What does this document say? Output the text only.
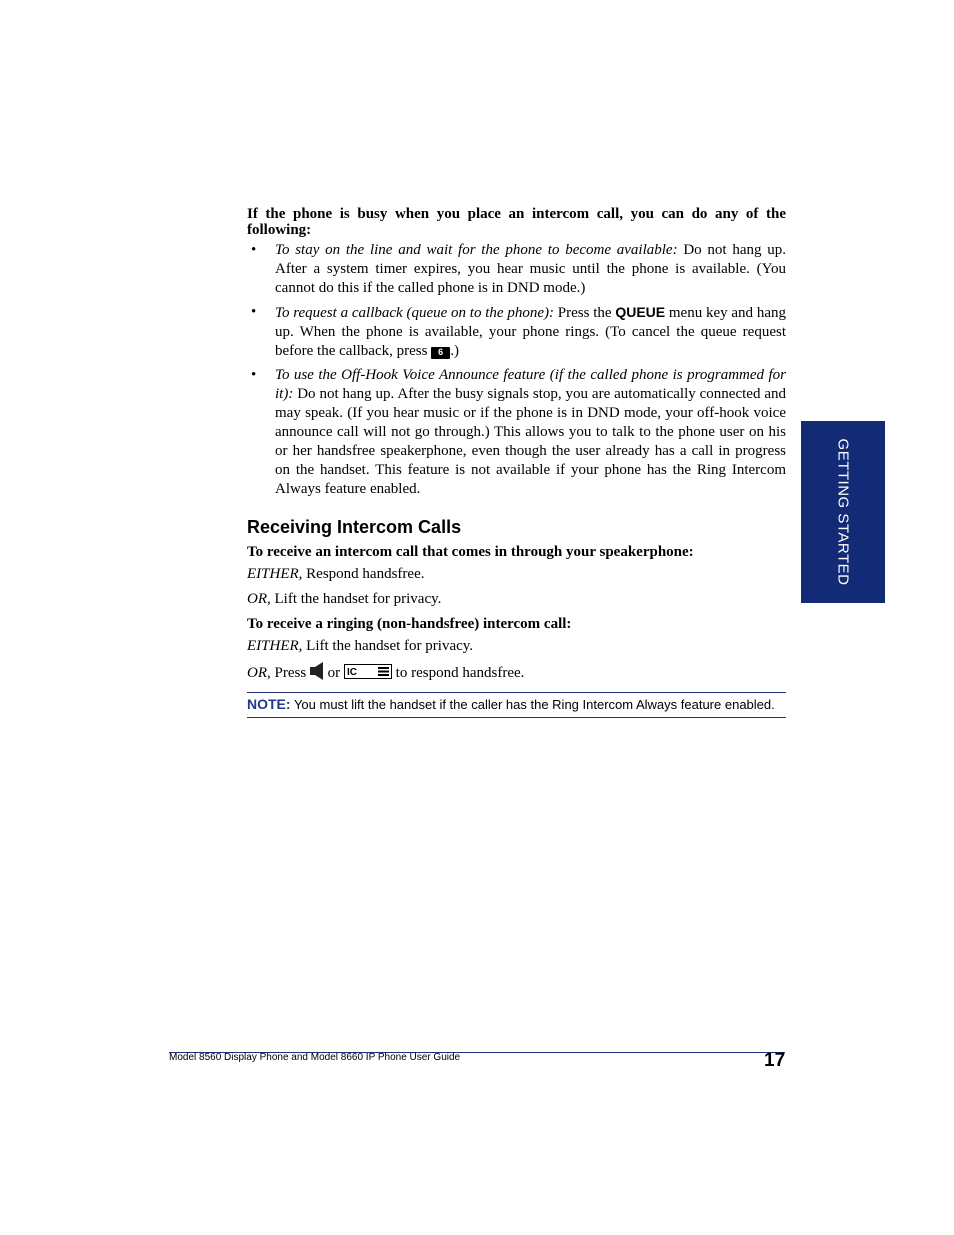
If the phone is busy when you place an intercom call, you can do any of the following:

• To stay on the line and wait for the phone to become available: Do not hang up. After a system timer expires, you hear music until the phone is available. (You cannot do this if the called phone is in DND mode.)
• To request a callback (queue on to the phone): Press the QUEUE menu key and hang up. When the phone is available, your phone rings. (To cancel the queue request before the callback, press 6 .)
• To use the Off-Hook Voice Announce feature (if the called phone is programmed for it): Do not hang up. After the busy signals stop, you are automatically connected and may speak. (If you hear music or if the phone is in DND mode, your off-hook voice announce call will not go through.) This allows you to talk to the phone user on his or her handsfree speakerphone, even though the user already has a call in progress on the handset. This feature is not available if your phone has the Ring Intercom Always feature enabled.
Receiving Intercom Calls

To receive an intercom call that comes in through your speakerphone:

EITHER, Respond handsfree.

OR, Lift the handset for privacy.

To receive a ringing (non-handsfree) intercom call:

EITHER, Lift the handset for privacy.

OR, Press  or IC to respond handsfree.

NOTE: You must lift the handset if the caller has the Ring Intercom Always feature enabled.
GETTING STARTED
Model 8560 Display Phone and Model 8660 IP Phone User Guide	17
